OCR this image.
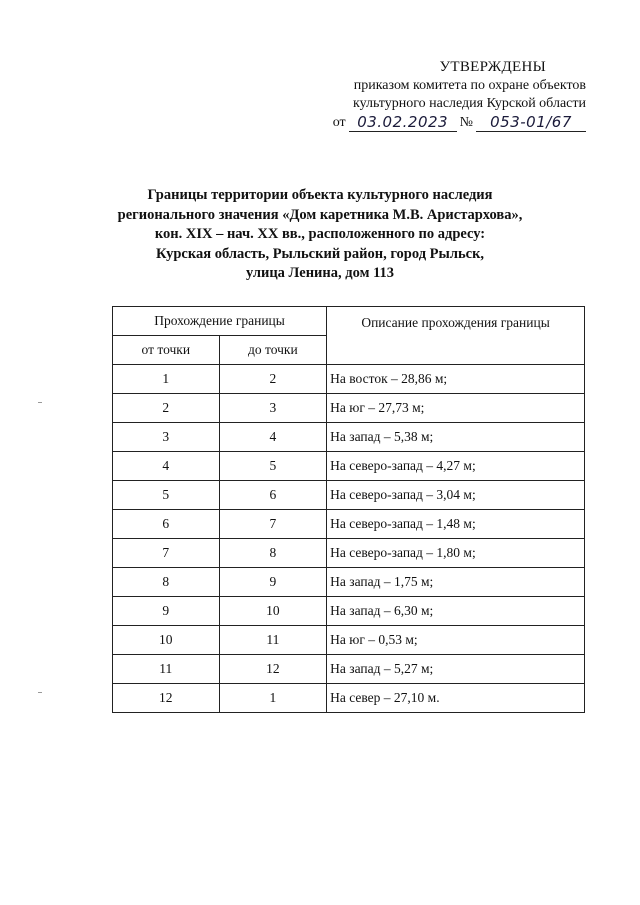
УТВЕРЖДЕНЫ
приказом комитета по охране объектов
культурного наследия Курской области
от 03.02.2023 №	053-01/67
Границы территории объекта культурного наследия
регионального значения «Дом каретника М.В. Аристархова»,
кон. XIX – нач. XX вв., расположенного по адресу:
Курская область, Рыльский район, город Рыльск,
улица Ленина, дом 113
Прохождение границы		Описание прохождения границы
от точки	до точки	
1	2	На восток – 28,86 м;
2	3	На юг – 27,73 м;
3	4	На запад – 5,38 м;
4	5	На северо-запад – 4,27 м;
5	6	На северо-запад – 3,04 м;
6	7	На северо-запад – 1,48 м;
7	8	На северо-запад – 1,80 м;
8	9	На запад – 1,75 м;
9	10	На запад – 6,30 м;
10	11	На юг – 0,53 м;
11	12	На запад – 5,27 м;
12	1	На север – 27,10 м.
